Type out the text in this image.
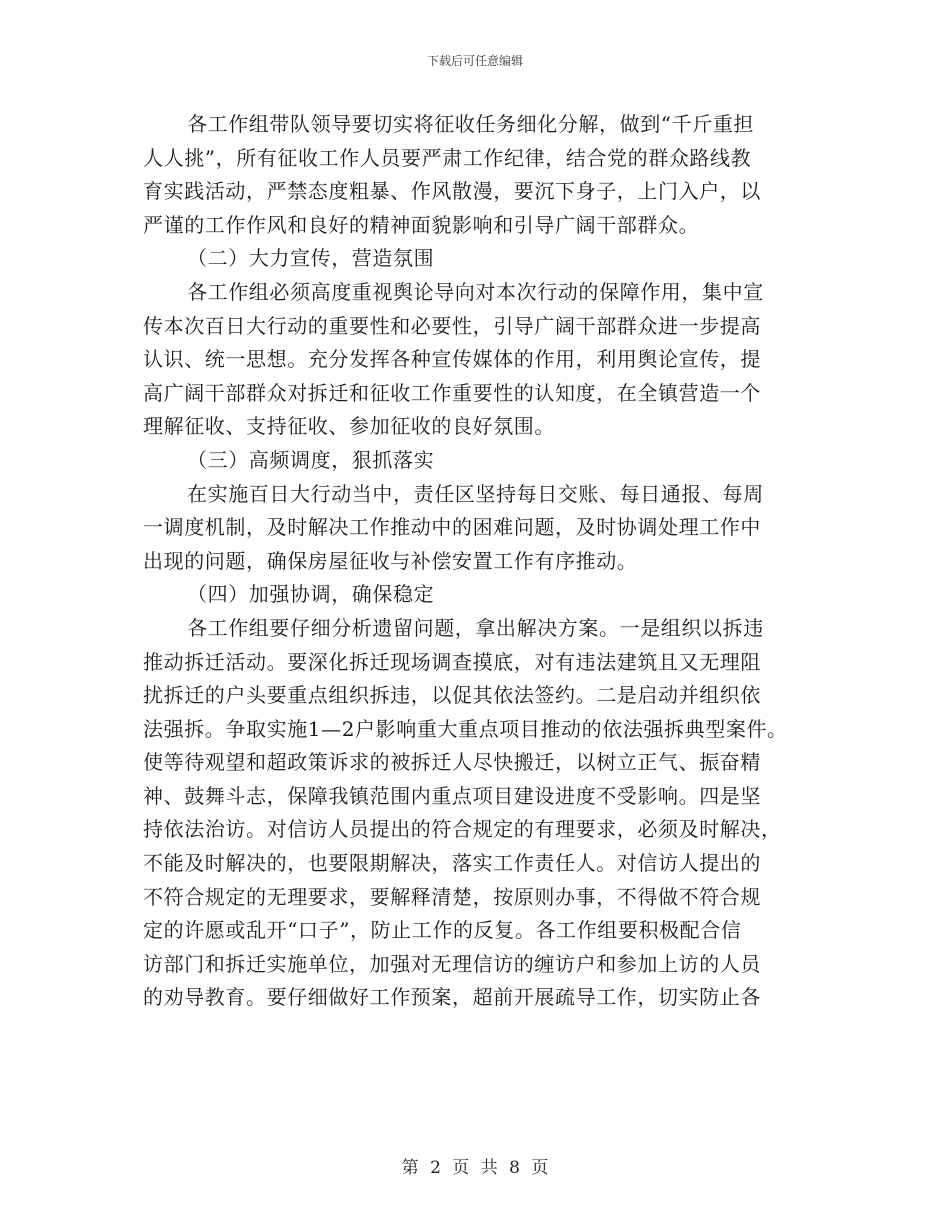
下载后可任意编辑
各工作组带队领导要切实将征收任务细化分解，做到“千斤重担
人人挑”，所有征收工作人员要严肃工作纪律，结合党的群众路线教
育实践活动，严禁态度粗暴、作风散漫，要沉下身子，上门入户，以
严谨的工作作风和良好的精神面貌影响和引导广阔干部群众。
（二）大力宣传，营造氛围
各工作组必须高度重视舆论导向对本次行动的保障作用，集中宣
传本次百日大行动的重要性和必要性，引导广阔干部群众进一步提高
认识、统一思想。充分发挥各种宣传媒体的作用，利用舆论宣传，提
高广阔干部群众对拆迁和征收工作重要性的认知度，在全镇营造一个
理解征收、支持征收、参加征收的良好氛围。
（三）高频调度，狠抓落实
在实施百日大行动当中，责任区坚持每日交账、每日通报、每周
一调度机制，及时解决工作推动中的困难问题，及时协调处理工作中
出现的问题，确保房屋征收与补偿安置工作有序推动。
（四）加强协调，确保稳定
各工作组要仔细分析遗留问题，拿出解决方案。一是组织以拆违
推动拆迁活动。要深化拆迁现场调查摸底，对有违法建筑且又无理阻
扰拆迁的户头要重点组织拆违，以促其依法签约。二是启动并组织依
法强拆。争取实施1—2户影响重大重点项目推动的依法强拆典型案件。
使等待观望和超政策诉求的被拆迁人尽快搬迁，以树立正气、振奋精
神、鼓舞斗志，保障我镇范围内重点项目建设进度不受影响。四是坚
持依法治访。对信访人员提出的符合规定的有理要求，必须及时解决，
不能及时解决的，也要限期解决，落实工作责任人。对信访人提出的
不符合规定的无理要求，要解释清楚，按原则办事，不得做不符合规
定的许愿或乱开“口子”，防止工作的反复。各工作组要积极配合信
访部门和拆迁实施单位，加强对无理信访的缠访户和参加上访的人员
的劝导教育。要仔细做好工作预案，超前开展疏导工作，切实防止各
第 2 页 共 8 页
